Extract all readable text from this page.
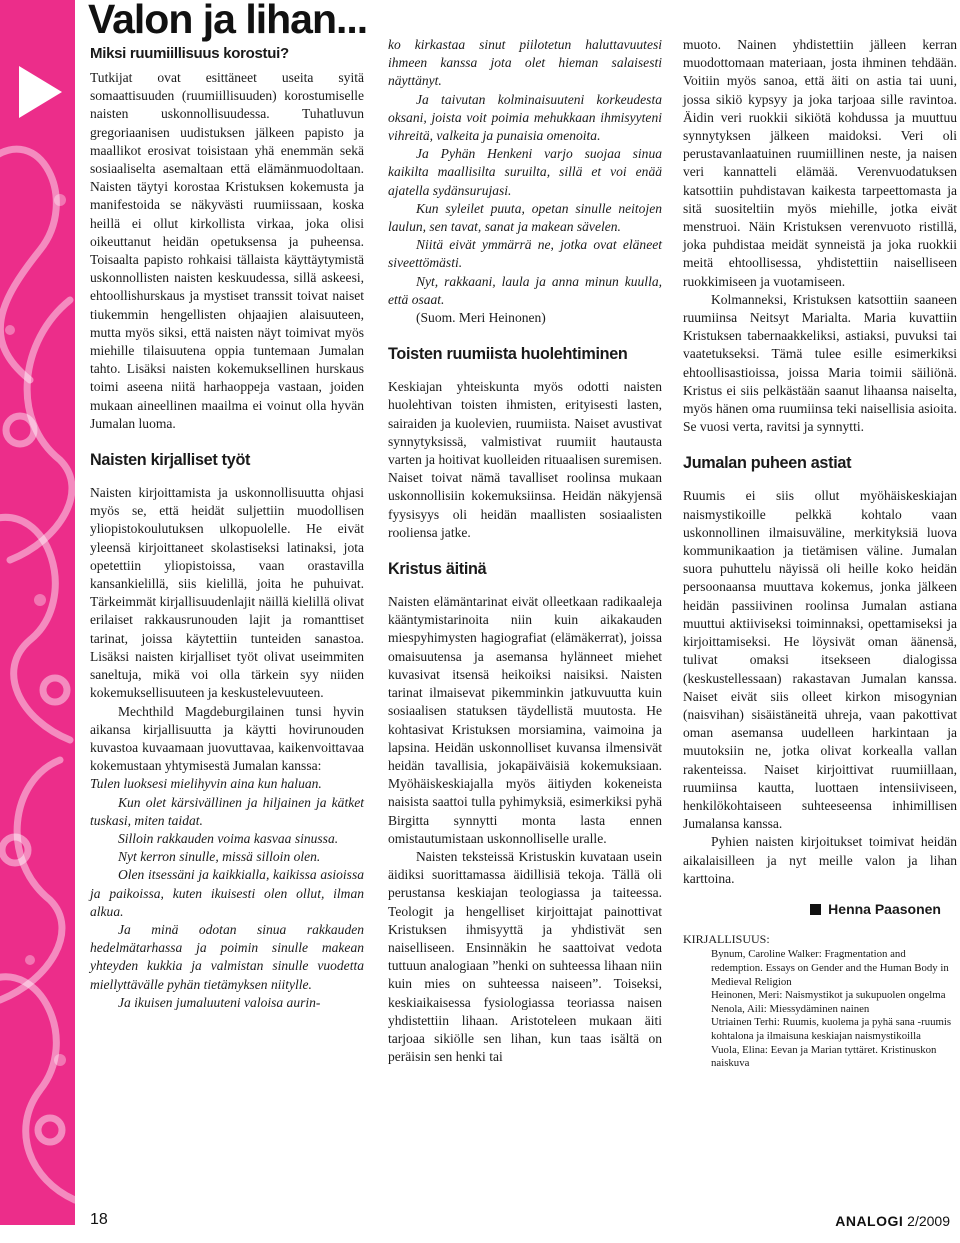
Valon ja lihan...
Miksi ruumiillisuus korostui?

Tutkijat ovat esittäneet useita syitä somaattisuuden (ruumiillisuuden) korostumiselle naisten uskonnollisuudessa. Tuhatluvun gregoriaanisen uudistuksen jälkeen papisto ja maallikot erosivat toisistaan yhä enemmän sekä sosiaaliselta asemaltaan että elämänmuodoltaan. Naisten täytyi korostaa Kristuksen kokemusta ja manifestoida se näkyvästi ruumiissaan, koska heillä ei ollut kirkollista virkaa, joka olisi oikeuttanut heidän opetuksensa ja puheensa. Toisaalta papisto rohkaisi tällaista käyttäytymistä uskonnollisten naisten keskuudessa, sillä askeesi, ehtoollishurskaus ja mystiset transsit toivat naiset tiukemmin hengellisten ohjaajien alaisuuteen, mutta myös siksi, että naisten näyt toimivat myös miehille tilaisuutena oppia tuntemaan Jumalan tahto. Lisäksi naisten kokemuksellinen hurskaus toimi aseena niitä harhaoppeja vastaan, joiden mukaan aineellinen maailma ei voinut olla hyvän Jumalan luoma.

Naisten kirjalliset työt

Naisten kirjoittamista ja uskonnollisuutta ohjasi myös se, että heidät suljettiin muodollisen yliopistokoulutuksen ulkopuolelle. He eivät yleensä kirjoittaneet skolastiseksi latinaksi, jota opetettiin yliopistoissa, vaan orastavilla kansankielillä, siis kielillä, joita he puhuivat. Tärkeimmät kirjallisuudenlajit näillä kielillä olivat erilaiset rakkausrunouden lajit ja romanttiset tarinat, joissa käytettiin tunteiden sanastoa. Lisäksi naisten kirjalliset työt olivat useimmiten saneltuja, mikä voi olla tärkein syy niiden kokemuksellisuuteen ja keskustelevuuteen.

Mechthild Magdeburgilainen tunsi hyvin aikansa kirjallisuutta ja käytti hovirunouden kuvastoa kuvaamaan juovuttavaa, kaikenvoittavaa kokemustaan yhtymisestä Jumalan kanssa:

Tulen luoksesi mielihyvin aina kun haluan.

Kun olet kärsivällinen ja hiljainen ja kätket tuskasi, miten taidat.

Silloin rakkauden voima kasvaa sinussa.

Nyt kerron sinulle, missä silloin olen.

Olen itsessäni ja kaikkialla, kaikissa asioissa ja paikoissa, kuten ikuisesti olen ollut, ilman alkua.

Ja minä odotan sinua rakkauden hedelmätarhassa ja poimin sinulle makean yhteyden kukkia ja valmistan sinulle vuodetta miellyttävälle pyhän tietämyksen niitylle.

Ja ikuisen jumaluuteni valoisa aurin-

ko kirkastaa sinut piilotetun haluttavuutesi ihmeen kanssa jota olet hieman salaisesti näyttänyt.

Ja taivutan kolminaisuuteni korkeudesta oksani, joista voit poimia mehukkaan ihmisyyteni vihreitä, valkeita ja punaisia omenoita.

Ja Pyhän Henkeni varjo suojaa sinua kaikilta maallisilta suruilta, sillä et voi enää ajatella sydänsurujasi.

Kun syleilet puuta, opetan sinulle neitojen laulun, sen tavat, sanat ja makean sävelen.

Niitä eivät ymmärrä ne, jotka ovat eläneet siveettömästi.

Nyt, rakkaani, laula ja anna minun kuulla, että osaat.

(Suom. Meri Heinonen)

Toisten ruumiista huolehtiminen

Keskiajan yhteiskunta myös odotti naisten huolehtivan toisten ihmisten, erityisesti lasten, sairaiden ja kuolevien, ruumiista. Naiset avustivat synnytyksissä, valmistivat ruumiit hautausta varten ja hoitivat kuolleiden rituaalisen suremisen. Naiset toivat nämä tavalliset roolinsa mukaan uskonnollisiin kokemuksiinsa. Heidän näkyjensä fyysisyys oli heidän maallisten sosiaalisten rooliensa jatke.

Kristus äitinä

Naisten elämäntarinat eivät olleetkaan radikaaleja kääntymistarinoita niin kuin aikakauden miespyhimysten hagiografiat (elämäkerrat), joissa omaisuutensa ja asemansa hylänneet miehet kuvasivat itsensä heikoiksi naisiksi. Naisten tarinat ilmaisevat pikemminkin jatkuvuutta kuin sosiaalisen statuksen täydellistä muutosta. He kohtasivat Kristuksen morsiamina, vaimoina ja lapsina. Heidän uskonnolliset kuvansa ilmensivät heidän tavallisia, jokapäiväisiä kokemuksiaan. Myöhäiskeskiajalla myös äitiyden kokeneista naisista saattoi tulla pyhimyksiä, esimerkiksi pyhä Birgitta synnytti monta lasta ennen omistautumistaan uskonnolliselle uralle.

Naisten teksteissä Kristuskin kuvataan usein äidiksi suorittamassa äidillisiä tekoja. Tällä oli perustansa keskiajan teologiassa ja taiteessa. Teologit ja hengelliset kirjoittajat painottivat Kristuksen ihmisyyttä ja yhdistivät sen naiselliseen. Ensinnäkin he saattoivat vedota tuttuun analogiaan ”henki on suhteessa lihaan niin kuin mies on suhteessa naiseen”. Toiseksi, keskiaikaisessa fysiologiassa teoriassa naisen yhdistettiin lihaan. Aristoteleen mukaan äiti tarjoaa sikiölle sen lihan, kun taas isältä on peräisin sen henki tai

muoto. Nainen yhdistettiin jälleen kerran muodottomaan materiaan, josta ihminen tehdään. Voitiin myös sanoa, että äiti on astia tai uuni, jossa sikiö kypsyy ja joka tarjoaa sille ravintoa. Äidin veri ruokkii sikiötä kohdussa ja muuttuu synnytyksen jälkeen maidoksi. Veri oli perustavanlaatuinen ruumiillinen neste, ja naisen veri kannatteli elämää. Verenvuodatuksen katsottiin puhdistavan kaikesta tarpeettomasta ja sitä suositeltiin myös miehille, jotka eivät menstruoi. Näin Kristuksen verenvuoto ristillä, joka puhdistaa meidät synneistä ja joka ruokkii meitä ehtoollisessa, yhdistettiin naiselliseen ruokkimiseen ja vuotamiseen.

Kolmanneksi, Kristuksen katsottiin saaneen ruumiinsa Neitsyt Marialta. Maria kuvattiin Kristuksen tabernaakkeliksi, astiaksi, puvuksi tai vaatetukseksi. Tämä tulee esille esimerkiksi ehtoollisastioissa, joissa Maria toimii säiliönä. Kristus ei siis pelkästään saanut lihaansa naiselta, myös hänen oma ruumiinsa teki naisellisia asioita. Se vuosi verta, ravitsi ja synnytti.

Jumalan puheen astiat

Ruumis ei siis ollut myöhäiskeskiajan naismystikoille pelkkä kohtalo vaan uskonnollinen ilmaisuväline, merkityksiä luova kommunikaation ja tietämisen väline. Jumalan suora puhuttelu näyissä oli heille koko heidän persoonaansa muuttava kokemus, jonka jälkeen heidän passiivinen roolinsa Jumalan astiana muuttui aktiiviseksi toiminnaksi, opettamiseksi ja kirjoittamiseksi. He löysivät oman äänensä, tulivat omaksi itsekseen dialogissa (keskustellessaan) rakastavan Jumalan kanssa. Naiset eivät siis olleet kirkon misogynian (naisvihan) sisäistäneitä uhreja, vaan pakottivat oman asemansa uudelleen harkintaan ja muutoksiin ne, jotka olivat korkealla vallan rakenteissa. Naiset kirjoittivat ruumiillaan, ruumiinsa kautta, luottaen intensiiviseen, henkilökohtaiseen suhteeseensa inhimillisen Jumalansa kanssa.

Pyhien naisten kirjoitukset toimivat heidän aikalaisilleen ja nyt meille valon ja lihan karttoina.

Henna Paasonen

KIRJALLISUUS:

Bynum, Caroline Walker: Fragmentation and redemption. Essays on Gender and the Human Body in Medieval Religion

Heinonen, Meri: Naismystikot ja sukupuolen ongelma

Nenola, Aili: Miessydäminen nainen

Utriainen Terhi: Ruumis, kuolema ja pyhä sana -ruumis kohtalona ja ilmaisuna keskiajan naismystikoilla

Vuola, Elina: Eevan ja Marian tyttäret. Kristinuskon naiskuva

18	ANALOGI 2/2009
